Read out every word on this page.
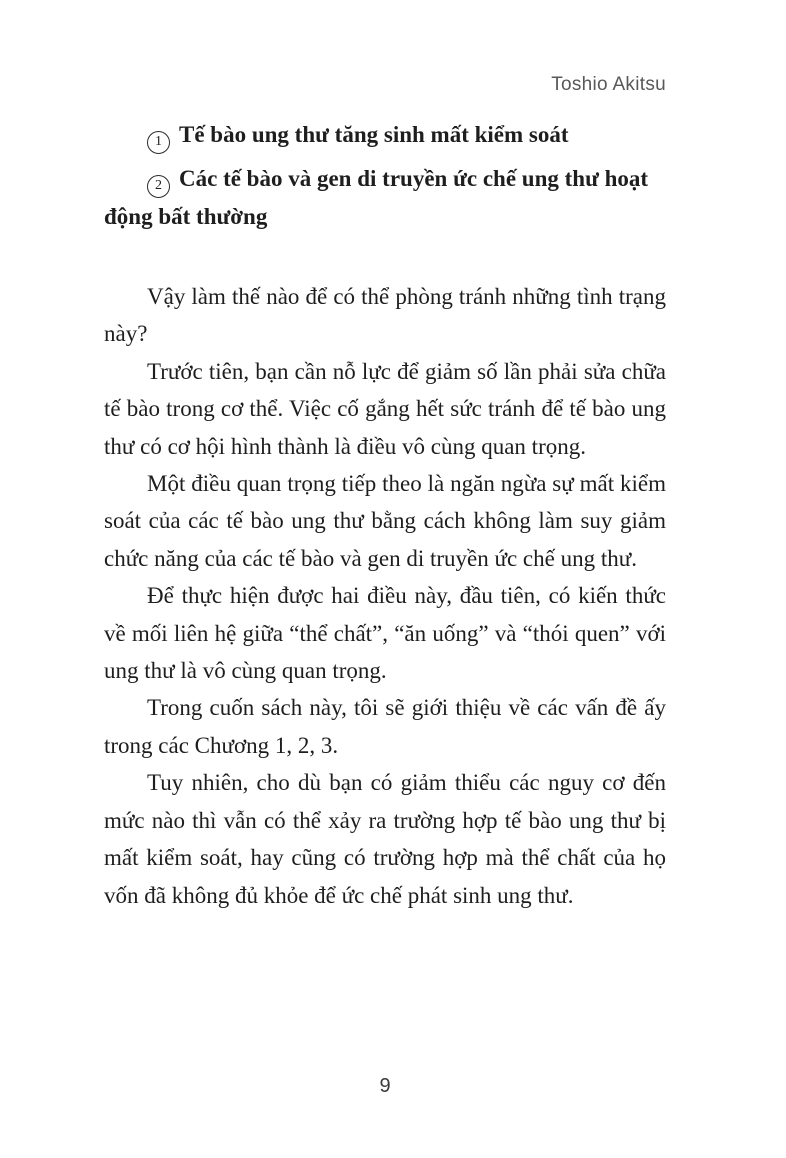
Toshio Akitsu

1 Tế bào ung thư tăng sinh mất kiểm soát

2 Các tế bào và gen di truyền ức chế ung thư hoạt động bất thường

Vậy làm thế nào để có thể phòng tránh những tình trạng này?

Trước tiên, bạn cần nỗ lực để giảm số lần phải sửa chữa tế bào trong cơ thể. Việc cố gắng hết sức tránh để tế bào ung thư có cơ hội hình thành là điều vô cùng quan trọng.

Một điều quan trọng tiếp theo là ngăn ngừa sự mất kiểm soát của các tế bào ung thư bằng cách không làm suy giảm chức năng của các tế bào và gen di truyền ức chế ung thư.

Để thực hiện được hai điều này, đầu tiên, có kiến thức về mối liên hệ giữa “thể chất”, “ăn uống” và “thói quen” với ung thư là vô cùng quan trọng.

Trong cuốn sách này, tôi sẽ giới thiệu về các vấn đề ấy trong các Chương 1, 2, 3.

Tuy nhiên, cho dù bạn có giảm thiểu các nguy cơ đến mức nào thì vẫn có thể xảy ra trường hợp tế bào ung thư bị mất kiểm soát, hay cũng có trường hợp mà thể chất của họ vốn đã không đủ khỏe để ức chế phát sinh ung thư.

9
